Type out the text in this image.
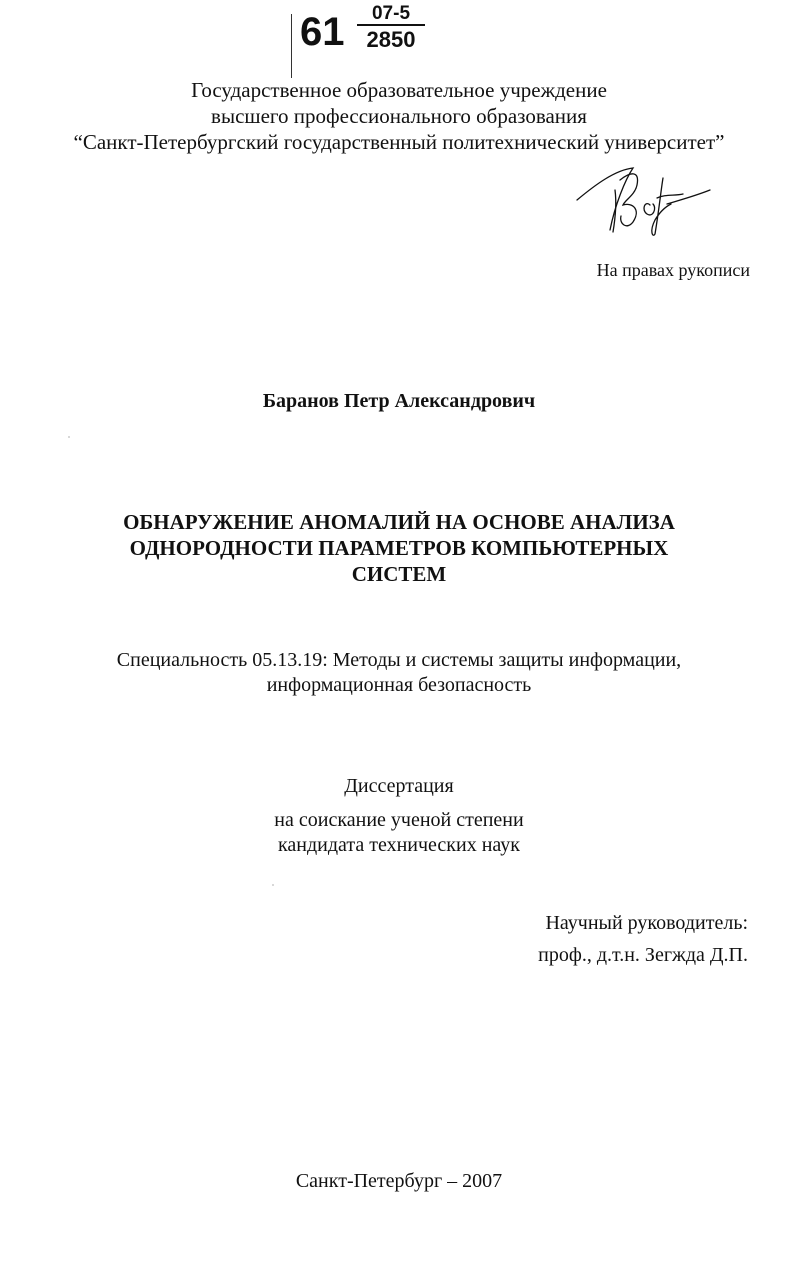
61	07-5
2850
Государственное образовательное учреждение
высшего профессионального образования
“Санкт-Петербургский государственный политехнический университет”
На правах рукописи
Баранов Петр Александрович
ОБНАРУЖЕНИЕ АНОМАЛИЙ НА ОСНОВЕ АНАЛИЗА
ОДНОРОДНОСТИ ПАРАМЕТРОВ КОМПЬЮТЕРНЫХ
СИСТЕМ
Специальность 05.13.19: Методы и системы защиты информации,
информационная безопасность
Диссертация
на соискание ученой степени
кандидата технических наук
Научный руководитель:
проф., д.т.н. Зегжда Д.П.
Санкт-Петербург – 2007
